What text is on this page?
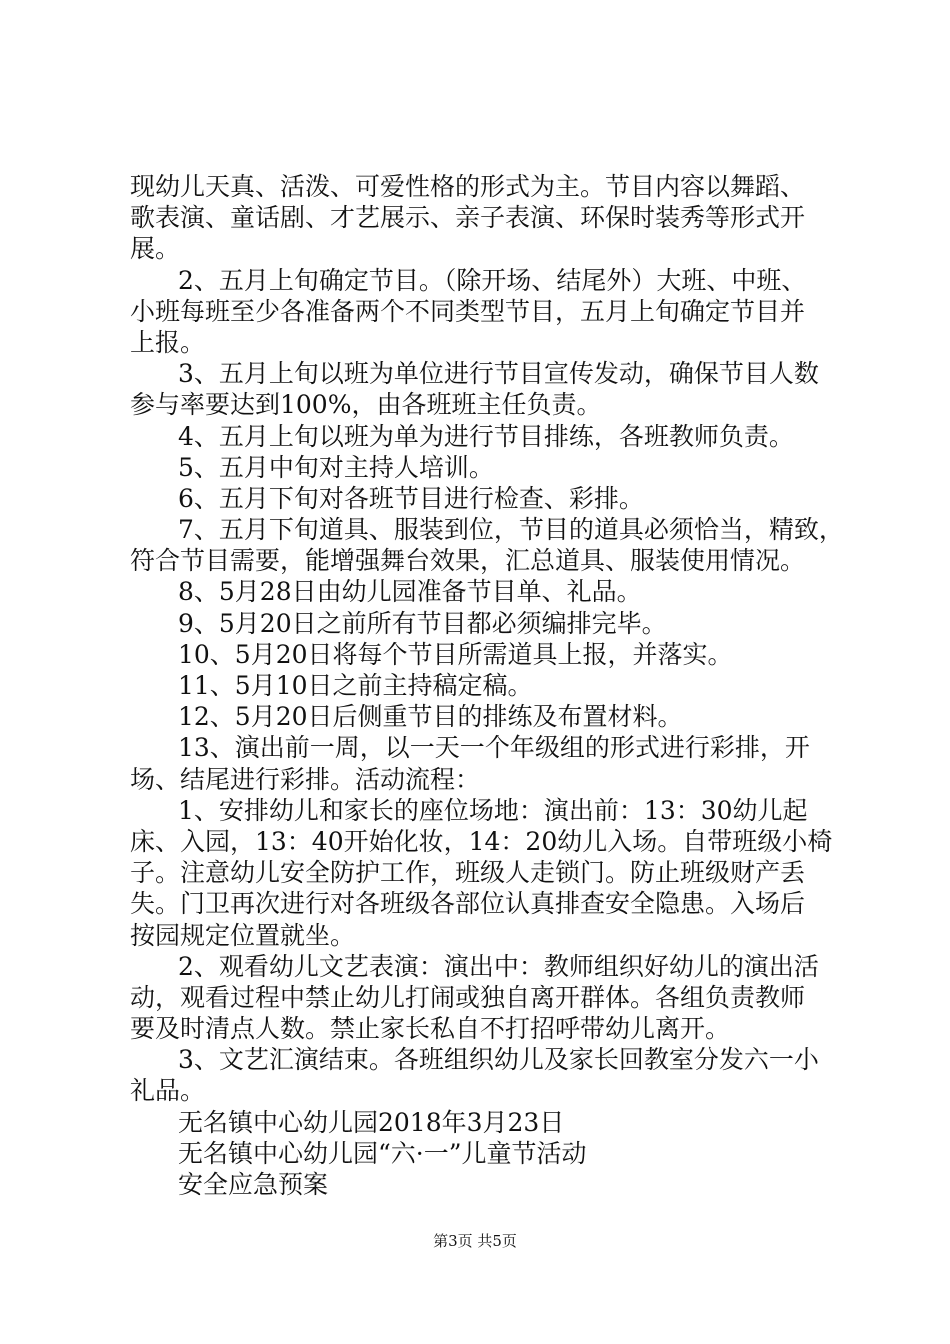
现幼儿天真、活泼、可爱性格的形式为主。节目内容以舞蹈、
歌表演、童话剧、才艺展示、亲子表演、环保时装秀等形式开
展。
2、五月上旬确定节目。（除开场、结尾外）大班、中班、
小班每班至少各准备两个不同类型节目，五月上旬确定节目并
上报。
3、五月上旬以班为单位进行节目宣传发动，确保节目人数
参与率要达到100%，由各班班主任负责。
4、五月上旬以班为单为进行节目排练，各班教师负责。
5、五月中旬对主持人培训。
6、五月下旬对各班节目进行检查、彩排。
7、五月下旬道具、服装到位，节目的道具必须恰当，精致，
符合节目需要，能增强舞台效果，汇总道具、服装使用情况。
8、5月28日由幼儿园准备节目单、礼品。
9、5月20日之前所有节目都必须编排完毕。
10、5月20日将每个节目所需道具上报，并落实。
11、5月10日之前主持稿定稿。
12、5月20日后侧重节目的排练及布置材料。
13、演出前一周，以一天一个年级组的形式进行彩排，开
场、结尾进行彩排。活动流程：
1、安排幼儿和家长的座位场地：演出前：13：30幼儿起
床、入园，13：40开始化妆，14：20幼儿入场。自带班级小椅
子。注意幼儿安全防护工作，班级人走锁门。防止班级财产丢
失。门卫再次进行对各班级各部位认真排查安全隐患。入场后
按园规定位置就坐。
2、观看幼儿文艺表演：演出中：教师组织好幼儿的演出活
动，观看过程中禁止幼儿打闹或独自离开群体。各组负责教师
要及时清点人数。禁止家长私自不打招呼带幼儿离开。
3、文艺汇演结束。各班组织幼儿及家长回教室分发六一小
礼品。
无名镇中心幼儿园2018年3月23日
无名镇中心幼儿园“六·一”儿童节活动
安全应急预案
第3页 共5页
